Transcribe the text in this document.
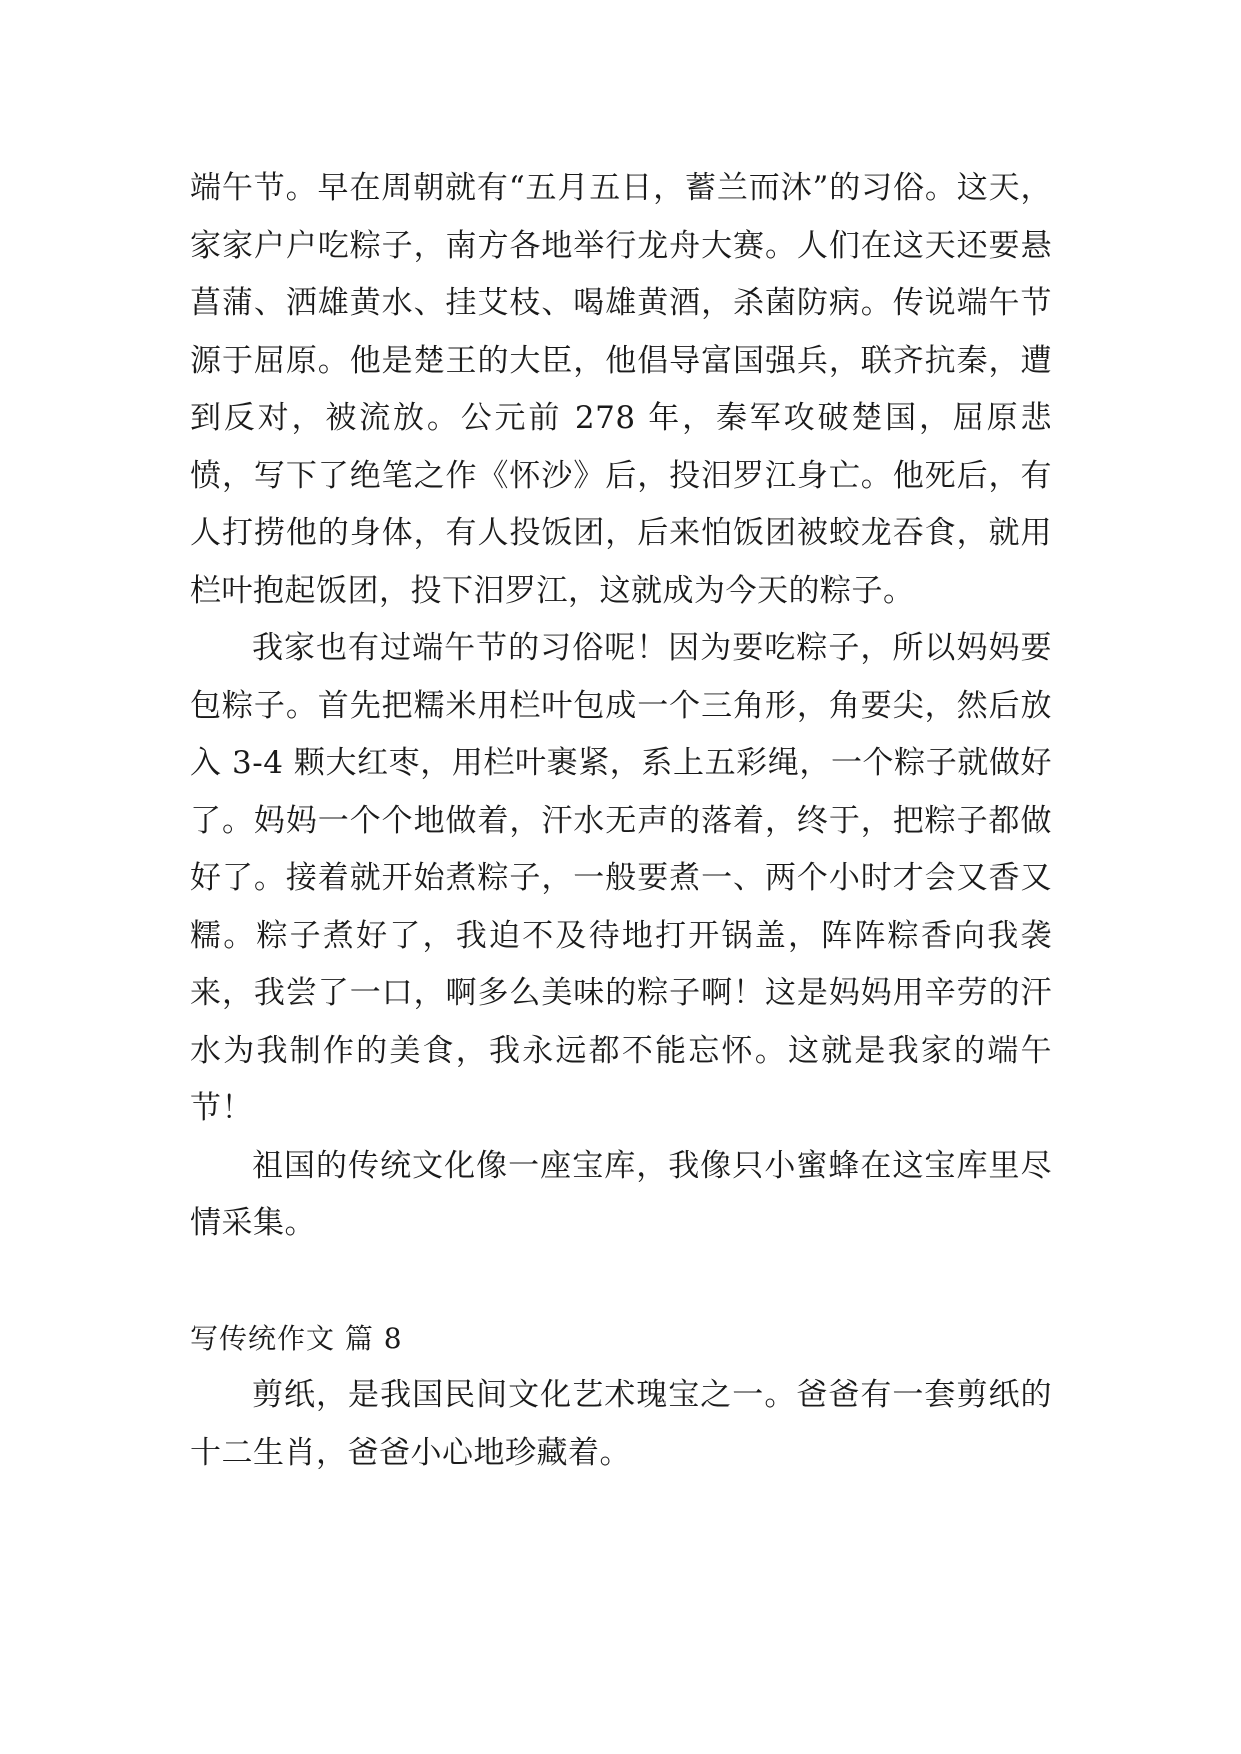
端午节。早在周朝就有“五月五日，蓄兰而沐”的习俗。这天，家家户户吃粽子，南方各地举行龙舟大赛。人们在这天还要悬菖蒲、洒雄黄水、挂艾枝、喝雄黄酒，杀菌防病。传说端午节源于屈原。他是楚王的大臣，他倡导富国强兵，联齐抗秦，遭到反对，被流放。公元前 278 年，秦军攻破楚国，屈原悲愤，写下了绝笔之作《怀沙》后，投汨罗江身亡。他死后，有人打捞他的身体，有人投饭团，后来怕饭团被蛟龙吞食，就用栏叶抱起饭团，投下汨罗江，这就成为今天的粽子。

我家也有过端午节的习俗呢！因为要吃粽子，所以妈妈要包粽子。首先把糯米用栏叶包成一个三角形，角要尖，然后放入 3-4 颗大红枣，用栏叶裹紧，系上五彩绳，一个粽子就做好了。妈妈一个个地做着，汗水无声的落着，终于，把粽子都做好了。接着就开始煮粽子，一般要煮一、两个小时才会又香又糯。粽子煮好了，我迫不及待地打开锅盖，阵阵粽香向我袭来，我尝了一口，啊多么美味的粽子啊！这是妈妈用辛劳的汗水为我制作的美食，我永远都不能忘怀。这就是我家的端午节！

祖国的传统文化像一座宝库，我像只小蜜蜂在这宝库里尽情采集。

写传统作文 篇 8

剪纸，是我国民间文化艺术瑰宝之一。爸爸有一套剪纸的十二生肖，爸爸小心地珍藏着。
